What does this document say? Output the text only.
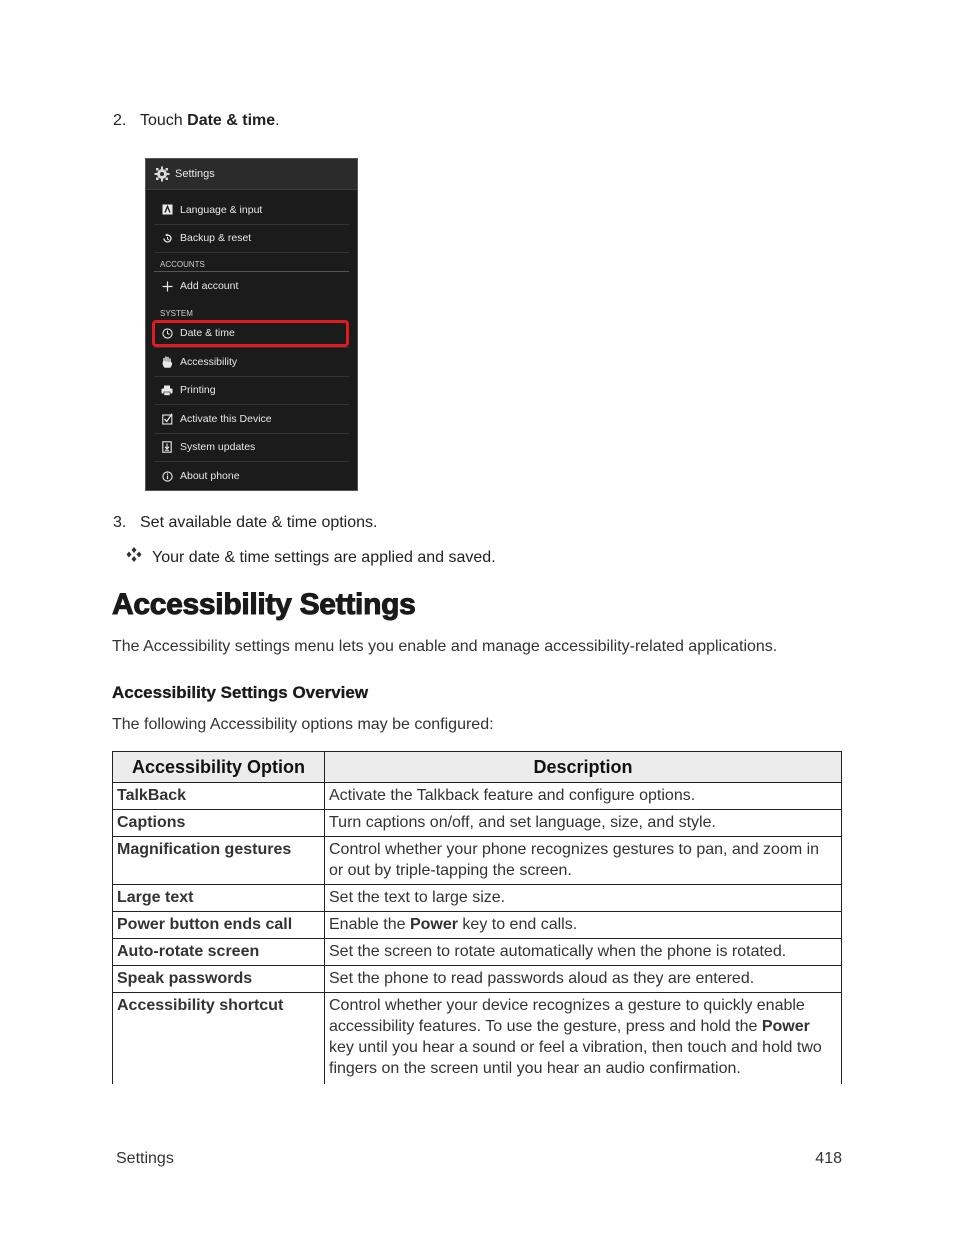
2. Touch Date & time.
Settings
Language & input
Backup & reset
ACCOUNTS
Add account
SYSTEM
Date & time
Accessibility
Printing
Activate this Device
System updates
About phone
3. Set available date & time options.
Your date & time settings are applied and saved.
Accessibility Settings
The Accessibility settings menu lets you enable and manage accessibility-related applications.
Accessibility Settings Overview
The following Accessibility options may be configured:
Accessibility Option	Description
TalkBack	Activate the Talkback feature and configure options.
Captions	Turn captions on/off, and set language, size, and style.
Magnification gestures	Control whether your phone recognizes gestures to pan, and zoom in or out by triple-tapping the screen.
Large text	Set the text to large size.
Power button ends call	Enable the Power key to end calls.
Auto-rotate screen	Set the screen to rotate automatically when the phone is rotated.
Speak passwords	Set the phone to read passwords aloud as they are entered.
Accessibility shortcut	Control whether your device recognizes a gesture to quickly enable accessibility features. To use the gesture, press and hold the Power key until you hear a sound or feel a vibration, then touch and hold two fingers on the screen until you hear an audio confirmation.
Settings	418
